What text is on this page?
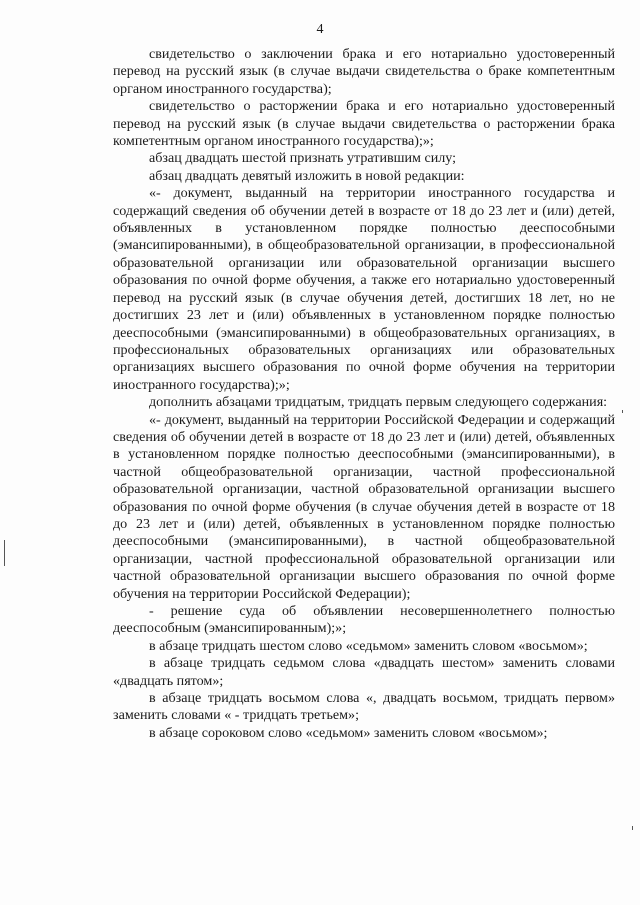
4

свидетельство о заключении брака и его нотариально удостоверенный перевод на русский язык (в случае выдачи свидетельства о браке компетентным органом иностранного государства);

свидетельство о расторжении брака и его нотариально удостоверенный перевод на русский язык (в случае выдачи свидетельства о расторжении брака компетентным органом иностранного государства);»;

абзац двадцать шестой признать утратившим силу;

абзац двадцать девятый изложить в новой редакции:

«- документ, выданный на территории иностранного государства и содержащий сведения об обучении детей в возрасте от 18 до 23 лет и (или) детей, объявленных в установленном порядке полностью дееспособными (эмансипированными), в общеобразовательной организации, в профессиональной образовательной организации или образовательной организации высшего образования по очной форме обучения, а также его нотариально удостоверенный перевод на русский язык (в случае обучения детей, достигших 18 лет, но не достигших 23 лет и (или) объявленных в установленном порядке полностью дееспособными (эмансипированными) в общеобразовательных организациях, в профессиональных образовательных организациях или образовательных организациях высшего образования по очной форме обучения на территории иностранного государства);»;

дополнить абзацами тридцатым, тридцать первым следующего содержания:

«- документ, выданный на территории Российской Федерации и содержащий сведения об обучении детей в возрасте от 18 до 23 лет и (или) детей, объявленных в установленном порядке полностью дееспособными (эмансипированными), в частной общеобразовательной организации, частной профессиональной образовательной организации, частной образовательной организации высшего образования по очной форме обучения (в случае обучения детей в возрасте от 18 до 23 лет и (или) детей, объявленных в установленном порядке полностью дееспособными (эмансипированными), в частной общеобразовательной организации, частной профессиональной образовательной организации или частной образовательной организации высшего образования по очной форме обучения на территории Российской Федерации);

- решение суда об объявлении несовершеннолетнего полностью дееспособным (эмансипированным);»;

в абзаце тридцать шестом слово «седьмом» заменить словом «восьмом»;

в абзаце тридцать седьмом слова «двадцать шестом» заменить словами «двадцать пятом»;

в абзаце тридцать восьмом слова «, двадцать восьмом, тридцать первом» заменить словами « - тридцать третьем»;

в абзаце сороковом слово «седьмом» заменить словом «восьмом»;
